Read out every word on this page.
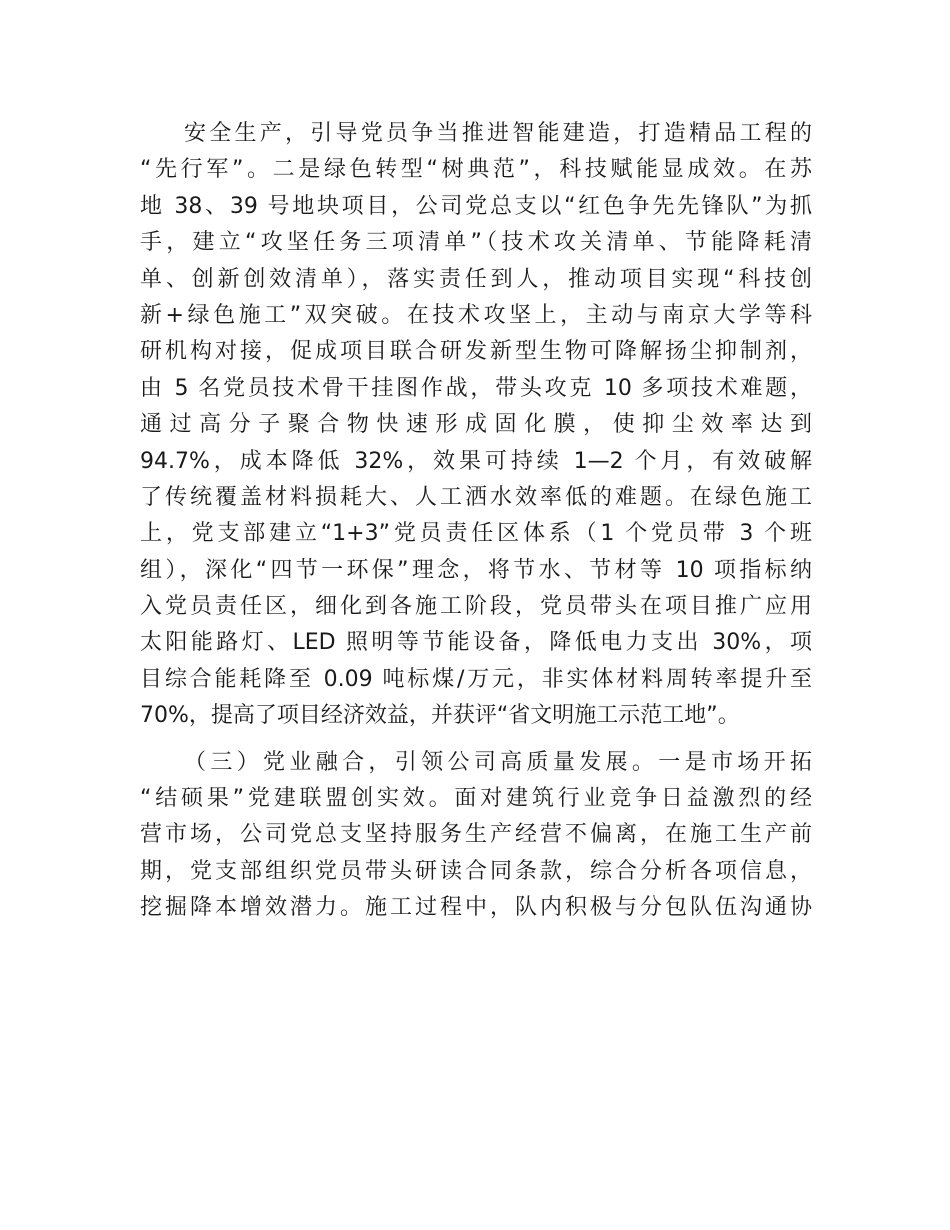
安全生产，引导党员争当推进智能建造，打造精品工程的
“先行军”。二是绿色转型“树典范”，科技赋能显成效。在苏
地 38、39 号地块项目，公司党总支以“红色争先先锋队”为抓
手，建立“攻坚任务三项清单”（技术攻关清单、节能降耗清
单、创新创效清单），落实责任到人，推动项目实现“科技创
新+绿色施工”双突破。在技术攻坚上，主动与南京大学等科
研机构对接，促成项目联合研发新型生物可降解扬尘抑制剂，
由 5 名党员技术骨干挂图作战，带头攻克 10 多项技术难题，
通过高分子聚合物快速形成固化膜，使抑尘效率达到
94.7%，成本降低 32%，效果可持续 1—2 个月，有效破解
了传统覆盖材料损耗大、人工洒水效率低的难题。在绿色施工
上，党支部建立“1+3”党员责任区体系（1 个党员带 3 个班
组），深化“四节一环保”理念，将节水、节材等 10 项指标纳
入党员责任区，细化到各施工阶段，党员带头在项目推广应用
太阳能路灯、LED 照明等节能设备，降低电力支出 30%，项
目综合能耗降至 0.09 吨标煤/万元，非实体材料周转率提升至
70%，提高了项目经济效益，并获评“省文明施工示范工地”。
（三）党业融合，引领公司高质量发展。一是市场开拓
“结硕果”党建联盟创实效。面对建筑行业竞争日益激烈的经
营市场，公司党总支坚持服务生产经营不偏离，在施工生产前
期，党支部组织党员带头研读合同条款，综合分析各项信息，
挖掘降本增效潜力。施工过程中，队内积极与分包队伍沟通协
